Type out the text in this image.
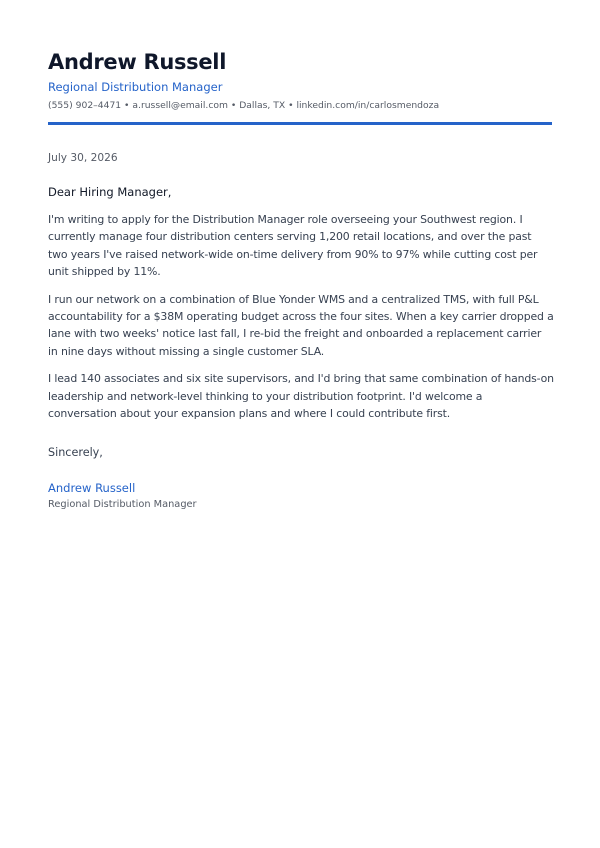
Andrew Russell
Regional Distribution Manager
(555) 902–4471 • a.russell@email.com • Dallas, TX • linkedin.com/in/carlosmendoza
July 30, 2026
Dear Hiring Manager,

I'm writing to apply for the Distribution Manager role overseeing your Southwest region. I currently manage four distribution centers serving 1,200 retail locations, and over the past two years I've raised network-wide on-time delivery from 90% to 97% while cutting cost per unit shipped by 11%.

I run our network on a combination of Blue Yonder WMS and a centralized TMS, with full P&L accountability for a $38M operating budget across the four sites. When a key carrier dropped a lane with two weeks' notice last fall, I re-bid the freight and onboarded a replacement carrier in nine days without missing a single customer SLA.

I lead 140 associates and six site supervisors, and I'd bring that same combination of hands-on leadership and network-level thinking to your distribution footprint. I'd welcome a conversation about your expansion plans and where I could contribute first.

Sincerely,
Andrew Russell
Regional Distribution Manager
